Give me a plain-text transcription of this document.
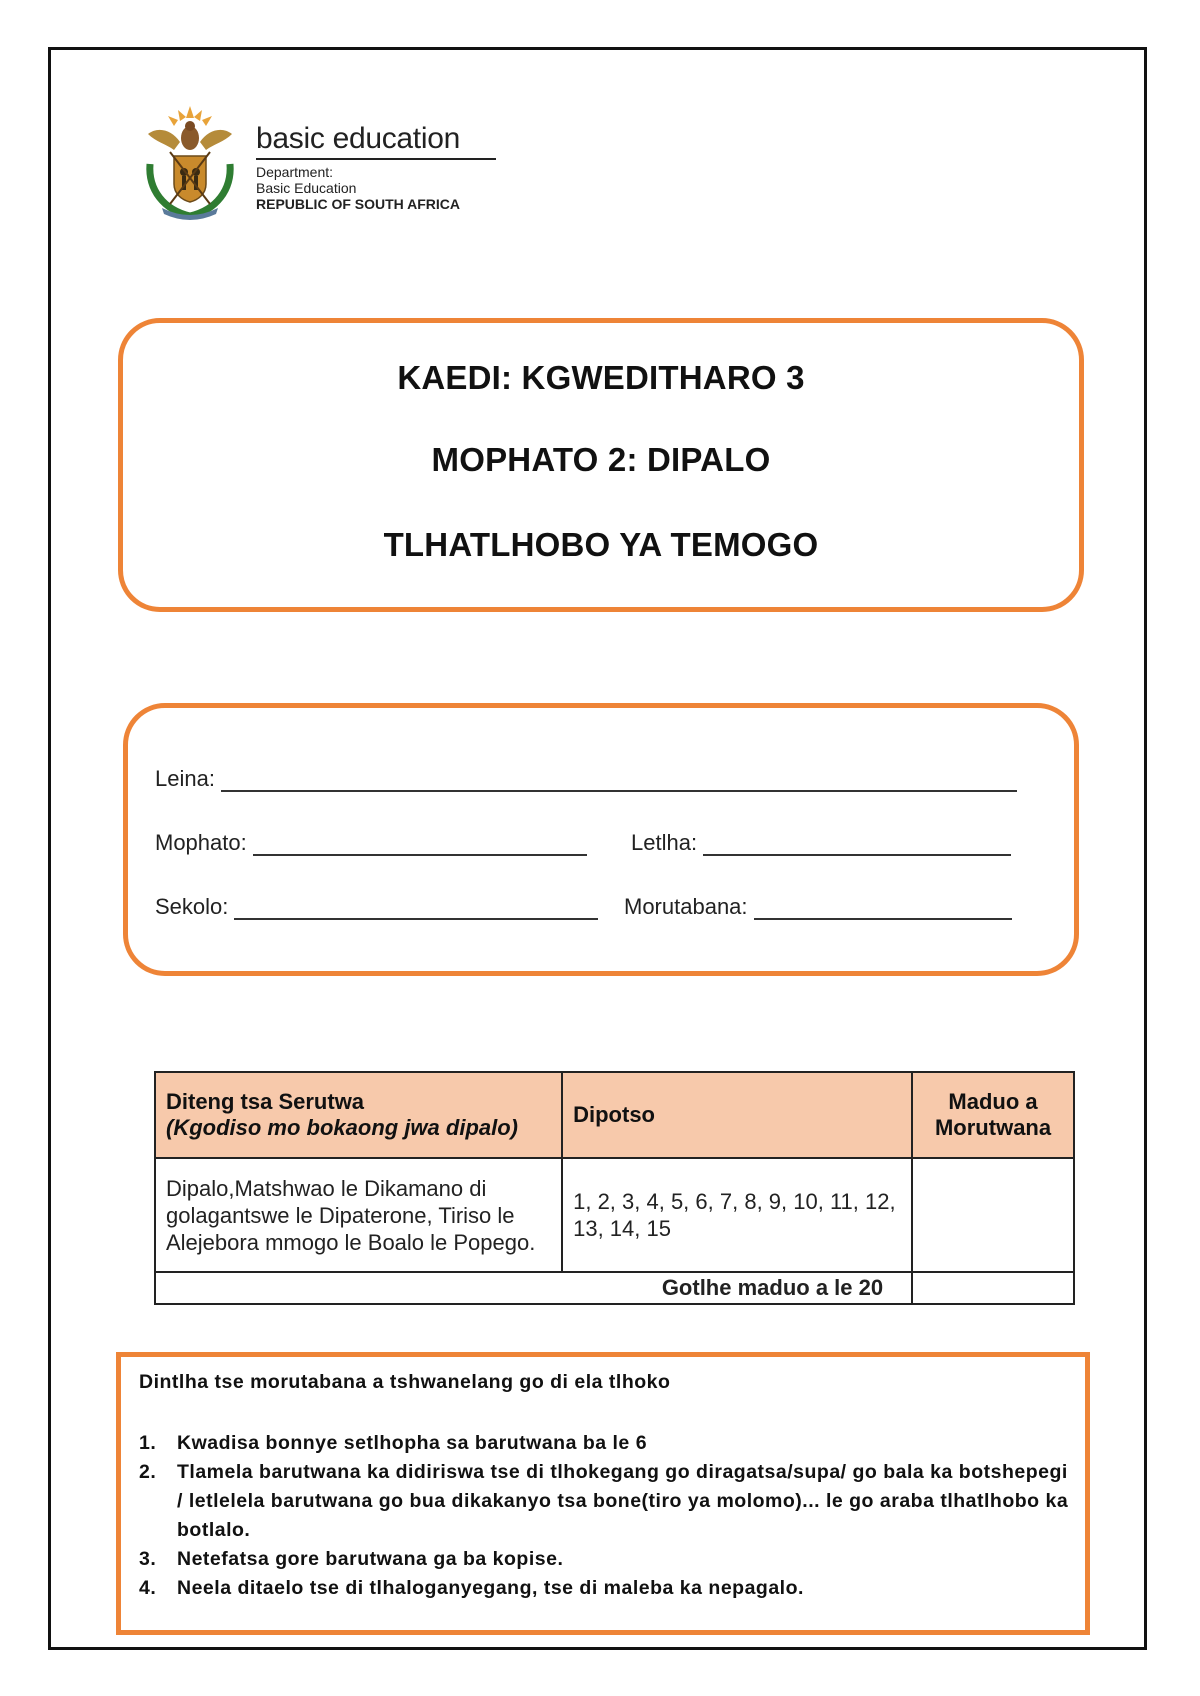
basic education
Department:
Basic Education
REPUBLIC OF SOUTH AFRICA
KAEDI: KGWEDITHARO 3
MOPHATO 2: DIPALO
TLHATLHOBO YA TEMOGO
Leina:
Mophato:	Letlha:
Sekolo:	Morutabana:
Diteng tsa Serutwa
(Kgodiso mo bokaong jwa dipalo)	Dipotso	Maduo a Morutwana
Dipalo,Matshwao le Dikamano di golagantswe le Dipaterone, Tiriso le Alejebora mmogo le Boalo le Popego.	1, 2, 3, 4, 5, 6, 7, 8, 9, 10, 11, 12, 13, 14, 15	
Gotlhe maduo a le 20		
Dintlha tse morutabana a tshwanelang go di ela tlhoko
1.	Kwadisa bonnye setlhopha sa barutwana ba le 6
2.	Tlamela barutwana ka didiriswa tse di tlhokegang go diragatsa/supa/ go bala ka botshepegi / letlelela barutwana go bua dikakanyo tsa bone(tiro ya molomo)... le go araba tlhatlhobo ka botlalo.
3.	Netefatsa gore barutwana ga ba kopise.
4.	Neela ditaelo tse di tlhaloganyegang, tse di maleba ka nepagalo.
